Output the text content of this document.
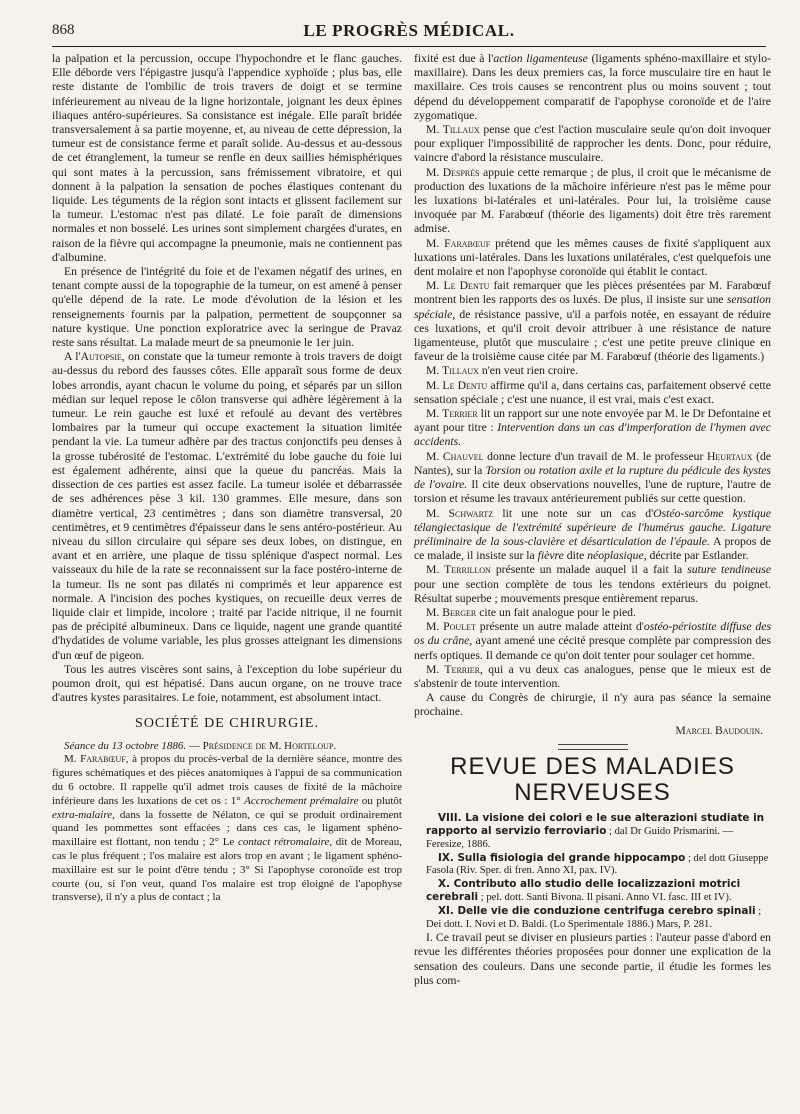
868	LE PROGRÈS MÉDICAL.

la palpation et la percussion, occupe l'hypochondre et le flanc gauches. Elle déborde vers l'épigastre jusqu'à l'appendice xyphoïde ; plus bas, elle reste distante de l'ombilic de trois travers de doigt et se termine inférieurement au niveau de la ligne horizontale, joignant les deux épines iliaques antéro-supérieures. Sa consistance est inégale. Elle paraît bridée transversalement à sa partie moyenne, et, au niveau de cette dépression, la tumeur est de consistance ferme et paraît solide. Au-dessus et au-dessous de cet étranglement, la tumeur se renfle en deux saillies hémisphériques qui sont mates à la percussion, sans frémissement vibratoire, et qui donnent à la palpation la sensation de poches élastiques contenant du liquide. Les téguments de la région sont intacts et glissent facilement sur la tumeur. L'estomac n'est pas dilaté. Le foie paraît de dimensions normales et non bosselé. Les urines sont simplement chargées d'urates, en raison de la fièvre qui accompagne la pneumonie, mais ne contiennent pas d'albumine.

En présence de l'intégrité du foie et de l'examen négatif des urines, en tenant compte aussi de la topographie de la tumeur, on est amené à penser qu'elle dépend de la rate. Le mode d'évolution de la lésion et les renseignements fournis par la palpation, permettent de soupçonner sa nature kystique. Une ponction exploratrice avec la seringue de Pravaz reste sans résultat. La malade meurt de sa pneumonie le 1er juin.

A l'Autopsie, on constate que la tumeur remonte à trois travers de doigt au-dessus du rebord des fausses côtes. Elle apparaît sous forme de deux lobes arrondis, ayant chacun le volume du poing, et séparés par un sillon médian sur lequel repose le côlon transverse qui adhère légèrement à la tumeur. Le rein gauche est luxé et refoulé au devant des vertèbres lombaires par la tumeur qui occupe exactement la situation limitée pendant la vie. La tumeur adhère par des tractus conjonctifs peu denses à la grosse tubérosité de l'estomac. L'extrémité du lobe gauche du foie lui est également adhérente, ainsi que la queue du pancréas. Mais la dissection de ces parties est assez facile. La tumeur isolée et débarrassée de ses adhérences pèse 3 kil. 130 grammes. Elle mesure, dans son diamètre vertical, 23 centimètres ; dans son diamètre transversal, 20 centimètres, et 9 centimètres d'épaisseur dans le sens antéro-postérieur. Au niveau du sillon circulaire qui sépare ses deux lobes, on distingue, en avant et en arrière, une plaque de tissu splénique d'aspect normal. Les vaisseaux du hile de la rate se reconnaissent sur la face postéro-interne de la tumeur. Ils ne sont pas dilatés ni comprimés et leur apparence est normale. A l'incision des poches kystiques, on recueille deux verres de liquide clair et limpide, incolore ; traité par l'acide nitrique, il ne fournit pas de précipité albumineux. Dans ce liquide, nagent une grande quantité d'hydatides de volume variable, les plus grosses atteignant les dimensions d'un œuf de pigeon.

Tous les autres viscères sont sains, à l'exception du lobe supérieur du poumon droit, qui est hépatisé. Dans aucun organe, on ne trouve trace d'autres kystes parasitaires. Le foie, notamment, est absolument intact.

SOCIÉTÉ DE CHIRURGIE.

Séance du 13 octobre 1886. — Présidence de M. Horteloup.

M. Farabœuf, à propos du procès-verbal de la dernière séance, montre des figures schématiques et des pièces anatomiques à l'appui de sa communication du 6 octobre. Il rappelle qu'il admet trois causes de fixité de la mâchoire inférieure dans les luxations de cet os : 1° Accrochement prémalaire ou plutôt extra-malaire, dans la fossette de Nélaton, ce qui se produit ordinairement quand les pommettes sont effacées ; dans ces cas, le ligament sphéno-maxillaire est flottant, non tendu ; 2° Le contact rétromalaire, dit de Moreau, cas le plus fréquent ; l'os malaire est alors trop en avant ; le ligament sphéno-maxillaire est sur le point d'être tendu ; 3° Si l'apophyse coronoïde est trop courte (ou, si l'on veut, quand l'os malaire est trop éloigné de l'apophyse transverse), il n'y a plus de contact ; la

fixité est due à l'action ligamenteuse (ligaments sphéno-maxillaire et stylo-maxillaire). Dans les deux premiers cas, la force musculaire tire en haut le maxillaire. Ces trois causes se rencontrent plus ou moins souvent ; tout dépend du développement comparatif de l'apophyse coronoïde et de l'aire zygomatique.

M. Tillaux pense que c'est l'action musculaire seule qu'on doit invoquer pour expliquer l'impossibilité de rapprocher les dents. Donc, pour réduire, vaincre d'abord la résistance musculaire.

M. Després appuie cette remarque ; de plus, il croit que le mécanisme de production des luxations de la mâchoire inférieure n'est pas le même pour les luxations bi-latérales et uni-latérales. Pour lui, la troisième cause invoquée par M. Farabœuf (théorie des ligaments) doit être très rarement admise.

M. Farabœuf prétend que les mêmes causes de fixité s'appliquent aux luxations uni-latérales. Dans les luxations unilatérales, c'est quelquefois une dent molaire et non l'apophyse coronoïde qui établit le contact.

M. Le Dentu fait remarquer que les pièces présentées par M. Farabœuf montrent bien les rapports des os luxés. De plus, il insiste sur une sensation spéciale, de résistance passive, u'il a parfois notée, en essayant de réduire ces luxations, et qu'il croit devoir attribuer à une résistance de nature ligamenteuse, plutôt que musculaire ; c'est une petite preuve clinique en faveur de la troisième cause citée par M. Farabœuf (théorie des ligaments.)

M. Tillaux n'en veut rien croire.

M. Le Dentu affirme qu'il a, dans certains cas, parfaitement observé cette sensation spéciale ; c'est une nuance, il est vrai, mais c'est exact.

M. Terrier lit un rapport sur une note envoyée par M. le Dr Defontaine et ayant pour titre : Intervention dans un cas d'imperforation de l'hymen avec accidents.

M. Chauvel donne lecture d'un travail de M. le professeur Heurtaux (de Nantes), sur la Torsion ou rotation axile et la rupture du pédicule des kystes de l'ovaire. Il cite deux observations nouvelles, l'une de rupture, l'autre de torsion et résume les travaux antérieurement publiés sur cette question.

M. Schwartz lit une note sur un cas d'Ostéo-sarcôme kystique télangiectasique de l'extrémité supérieure de l'humérus gauche. Ligature préliminaire de la sous-clavière et désarticulation de l'épaule. A propos de ce malade, il insiste sur la fièvre dite néoplasique, décrite par Estlander.

M. Terrillon présente un malade auquel il a fait la suture tendineuse pour une section complète de tous les tendons extérieurs du poignet. Résultat superbe ; mouvements presque entièrement reparus.

M. Berger cite un fait analogue pour le pied.

M. Poulet présente un autre malade atteint d'ostéo-périostite diffuse des os du crâne, ayant amené une cécité presque complète par compression des nerfs optiques. Il demande ce qu'on doit tenter pour soulager cet homme.

M. Terrier, qui a vu deux cas analogues, pense que le mieux est de s'abstenir de toute intervention.

A cause du Congrès de chirurgie, il n'y aura pas séance la semaine prochaine.

Marcel Baudouin.
REVUE DES MALADIES NERVEUSES

VIII. La visione dei colori e le sue alterazioni studiate in rapporto al servizio ferroviario ; dal Dr Guido Prismarini. — Feresize, 1886.

IX. Sulla fisiologia del grande hippocampo ; del dott Giuseppe Fasola (Riv. Sper. di fren. Anno XI, pax. IV).

X. Contributo allo studio delle localizzazioni motrici cerebrali ; pel. dott. Santi Bivona. Il pisani. Anno VI. fasc. III et IV).

XI. Delle vie die conduzione centrifuga cerebro spinali ; Dei dott. I. Novi et D. Baldi. (Lo Sperimentale 1886.) Mars, P. 281.

I. Ce travail peut se diviser en plusieurs parties : l'auteur passe d'abord en revue les différentes théories proposées pour donner une explication de la sensation des couleurs. Dans une seconde partie, il étudie les formes les plus com-
